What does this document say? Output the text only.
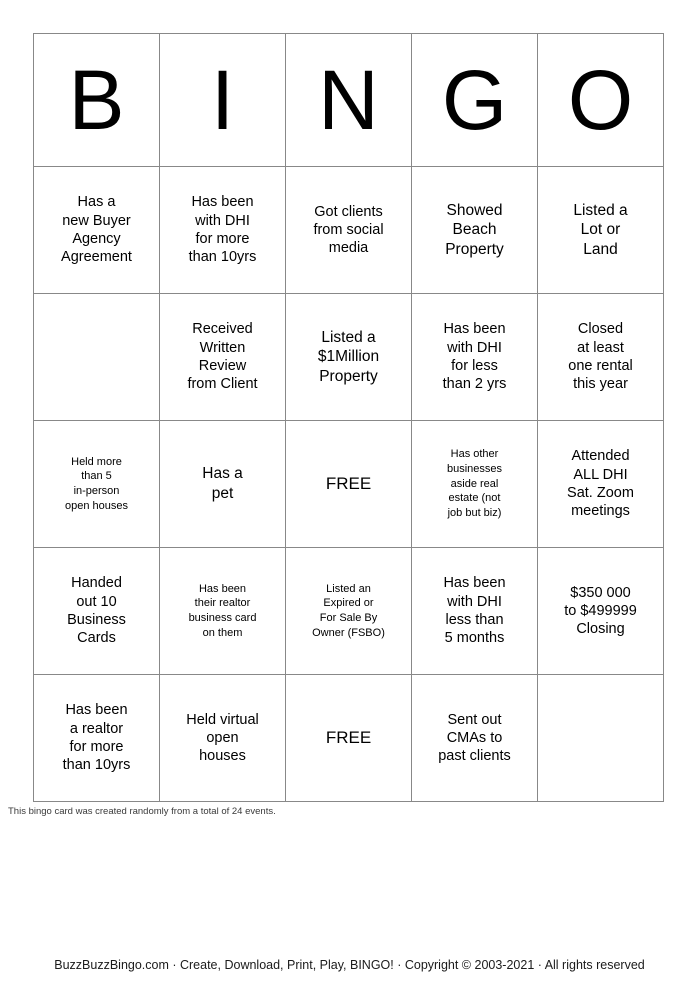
B	I	N	G	O

Has a
new Buyer
Agency
Agreement	Has been
with DHI
for more
than 10yrs	Got clients
from social
media	Showed
Beach
Property	Listed a
Lot or
Land

	Received
Written
Review
from Client	Listed a
$1Million
Property	Has been
with DHI
for less
than 2 yrs	Closed
at least
one rental
this year

Held more
than 5
in-person
open houses	Has a
pet	FREE	Has other
businesses
aside real
estate (not
job but biz)	Attended
ALL DHI
Sat. Zoom
meetings

Handed
out 10
Business
Cards	Has been
their realtor
business card
on them	Listed an
Expired or
For Sale By
Owner (FSBO)	Has been
with DHI
less than
5 months	$350 000
to $499999
Closing

Has been
a realtor
for more
than 10yrs	Held virtual
open
houses	FREE	Sent out
CMAs to
past clients	

This bingo card was created randomly from a total of 24 events.
BuzzBuzzBingo.com · Create, Download, Print, Play, BINGO! · Copyright © 2003-2021 · All rights reserved
